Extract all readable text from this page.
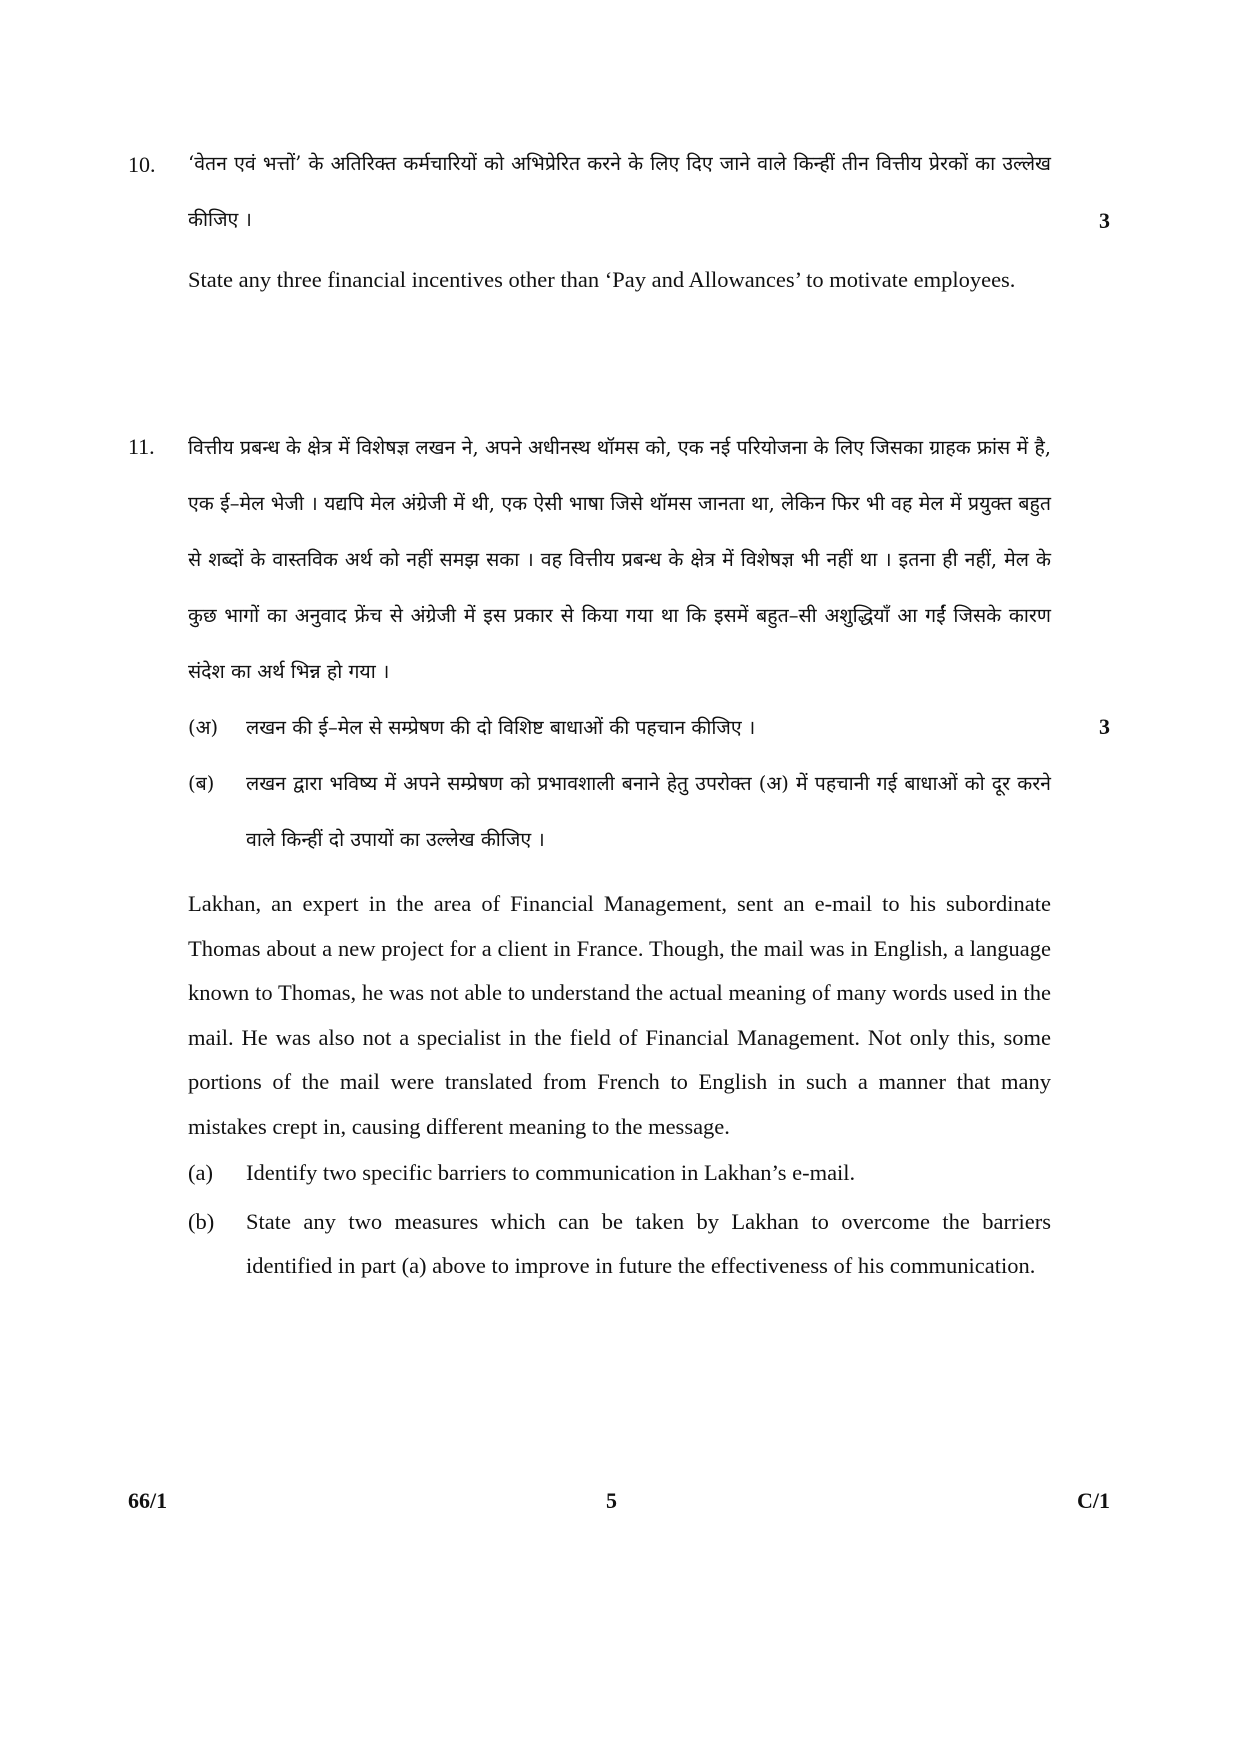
10. ‘वेतन एवं भत्तों’ के अतिरिक्त कर्मचारियों को अभिप्रेरित करने के लिए दिए जाने वाले किन्हीं तीन वित्तीय प्रेरकों का उल्लेख कीजिए ।
State any three financial incentives other than ‘Pay and Allowances’ to motivate employees.
3
11. वित्तीय प्रबन्ध के क्षेत्र में विशेषज्ञ लखन ने, अपने अधीनस्थ थॉमस को, एक नई परियोजना के लिए जिसका ग्राहक फ्रांस में है, एक ई–मेल भेजी । यद्यपि मेल अंग्रेजी में थी, एक ऐसी भाषा जिसे थॉमस जानता था, लेकिन फिर भी वह मेल में प्रयुक्त बहुत से शब्दों के वास्तविक अर्थ को नहीं समझ सका । वह वित्तीय प्रबन्ध के क्षेत्र में विशेषज्ञ भी नहीं था । इतना ही नहीं, मेल के कुछ भागों का अनुवाद फ्रेंच से अंग्रेजी में इस प्रकार से किया गया था कि इसमें बहुत–सी अशुद्धियाँ आ गईं जिसके कारण संदेश का अर्थ भिन्न हो गया ।
(अ) लखन की ई–मेल से सम्प्रेषण की दो विशिष्ट बाधाओं की पहचान कीजिए ।
(ब) लखन द्वारा भविष्य में अपने सम्प्रेषण को प्रभावशाली बनाने हेतु उपरोक्त (अ) में पहचानी गई बाधाओं को दूर करने वाले किन्हीं दो उपायों का उल्लेख कीजिए ।
Lakhan, an expert in the area of Financial Management, sent an e-mail to his subordinate Thomas about a new project for a client in France. Though, the mail was in English, a language known to Thomas, he was not able to understand the actual meaning of many words used in the mail. He was also not a specialist in the field of Financial Management. Not only this, some portions of the mail were translated from French to English in such a manner that many mistakes crept in, causing different meaning to the message.
(a) Identify two specific barriers to communication in Lakhan’s e-mail.
(b) State any two measures which can be taken by Lakhan to overcome the barriers identified in part (a) above to improve in future the effectiveness of his communication.
3
66/1	5	C/1
